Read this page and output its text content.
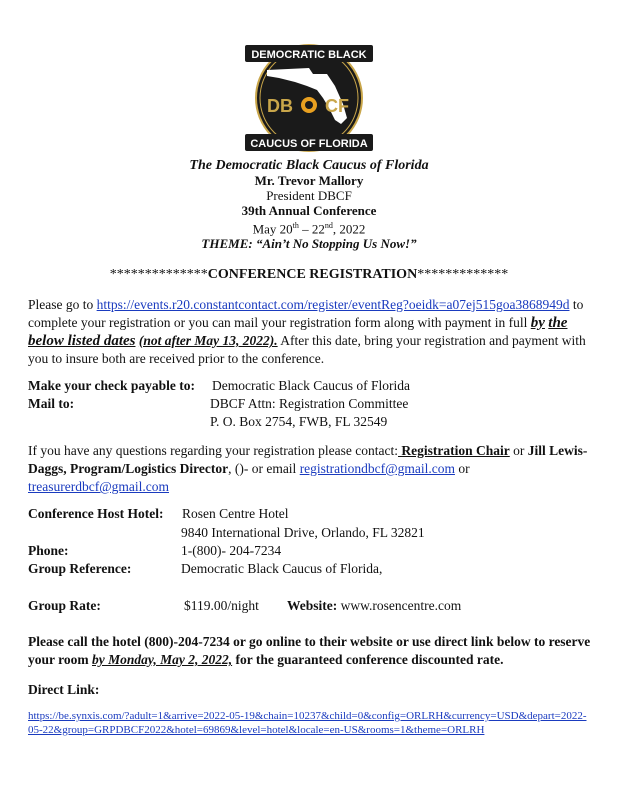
DEMOCRATIC BLACK
CAUCUS OF FLORIDA
DB CF
The Democratic Black Caucus of Florida
Mr. Trevor Mallory
President DBCF
39th Annual Conference
May 20th – 22nd, 2022
THEME: “Ain’t No Stopping Us Now!”
**************CONFERENCE REGISTRATION*************
Please go to https://events.r20.constantcontact.com/register/eventReg?oeidk=a07ej515goa3868949d to complete your registration or you can mail your registration form along with payment in full by the below listed dates (not after May 13, 2022). After this date, bring your registration and payment with you to insure both are received prior to the conference.
Make your check payable to: Democratic Black Caucus of Florida
Mail to:	DBCF Attn: Registration Committee
P. O. Box 2754, FWB, FL 32549
If you have any questions regarding your registration please contact: Registration Chair or Jill Lewis-Daggs, Program/Logistics Director, ()- or email registrationdbcf@gmail.com or treasurerdbcf@gmail.com
Conference Host Hotel: Rosen Centre Hotel
9840 International Drive, Orlando, FL 32821
Phone:	1-(800)- 204-7234
Group Reference:	Democratic Black Caucus of Florida,
Group Rate:	$119.00/night Website: www.rosencentre.com
Please call the hotel (800)-204-7234 or go online to their website or use direct link below to reserve your room by Monday, May 2, 2022, for the guaranteed conference discounted rate.
Direct Link:
https://be.synxis.com/?adult=1&arrive=2022-05-19&chain=10237&child=0&config=ORLRH&currency=USD&depart=2022-05-22&group=GRPDBCF2022&hotel=69869&level=hotel&locale=en-US&rooms=1&theme=ORLRH
